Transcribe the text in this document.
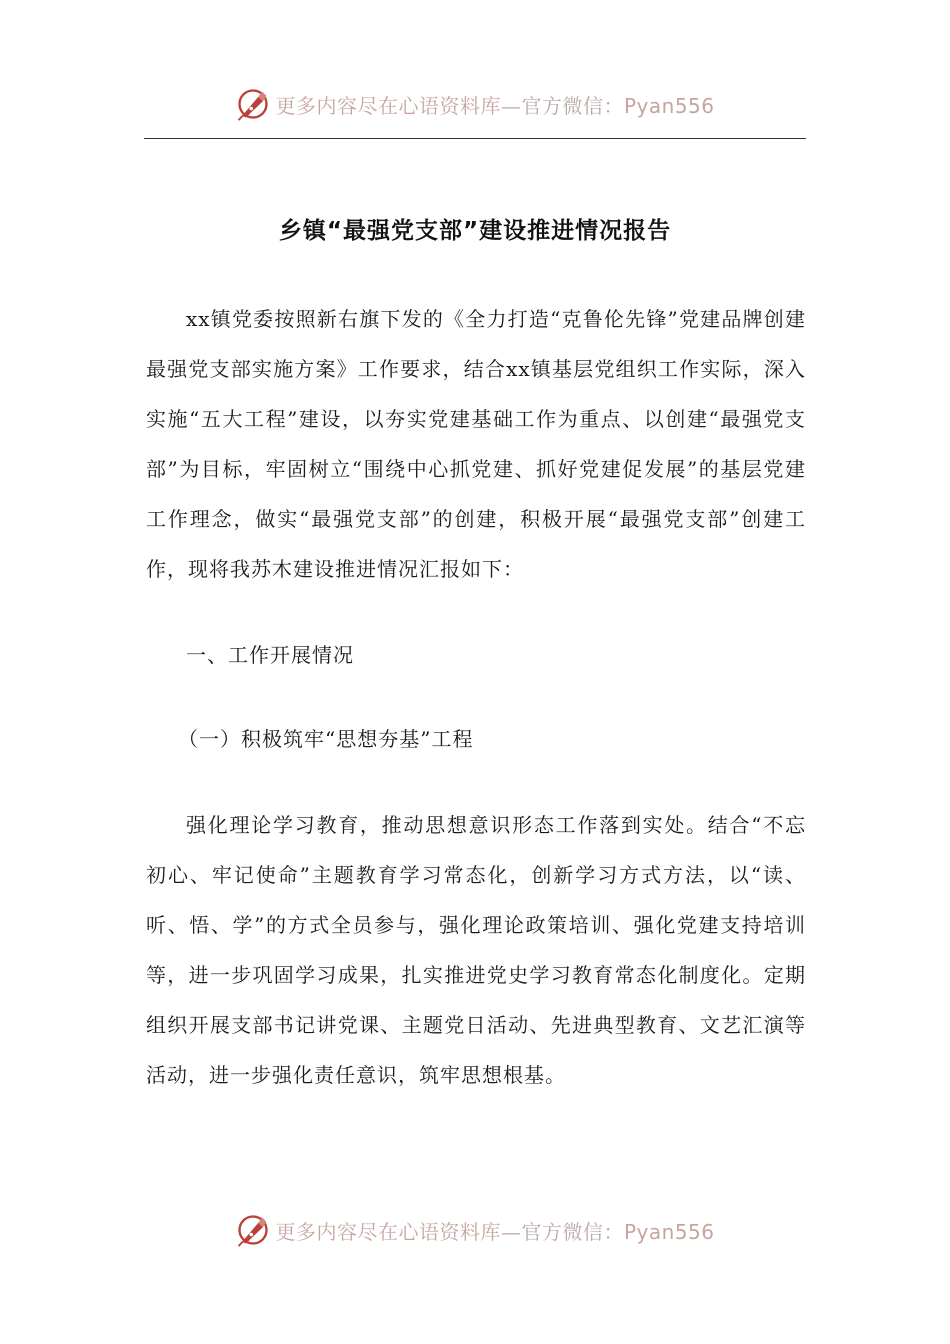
更多内容尽在心语资料库—官方微信：Pyan556
乡镇“最强党支部”建设推进情况报告

xx镇党委按照新右旗下发的《全力打造“克鲁伦先锋”党建品牌创建最强党支部实施方案》工作要求，结合xx镇基层党组织工作实际，深入实施“五大工程”建设，以夯实党建基础工作为重点、以创建“最强党支部”为目标，牢固树立“围绕中心抓党建、抓好党建促发展”的基层党建工作理念，做实“最强党支部”的创建，积极开展“最强党支部”创建工作，现将我苏木建设推进情况汇报如下：

一、工作开展情况

（一）积极筑牢“思想夯基”工程

强化理论学习教育，推动思想意识形态工作落到实处。结合“不忘初心、牢记使命”主题教育学习常态化，创新学习方式方法，以“读、听、悟、学”的方式全员参与，强化理论政策培训、强化党建支持培训等，进一步巩固学习成果，扎实推进党史学习教育常态化制度化。定期组织开展支部书记讲党课、主题党日活动、先进典型教育、文艺汇演等活动，进一步强化责任意识，筑牢思想根基。

更多内容尽在心语资料库—官方微信：Pyan556
